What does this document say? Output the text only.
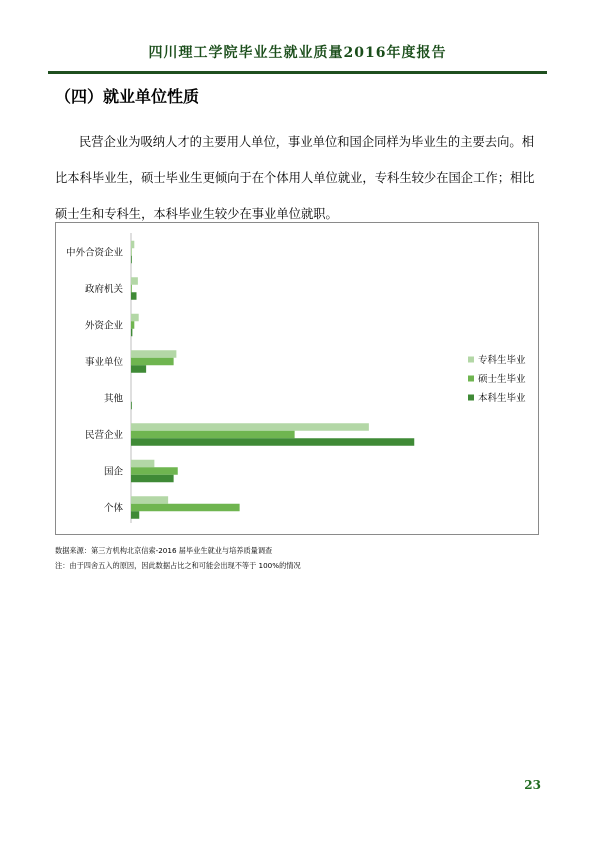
四川理工学院毕业生就业质量2016年度报告
（四）就业单位性质
民营企业为吸纳人才的主要用人单位，事业单位和国企同样为毕业生的主要去向。相比本科毕业生，硕士毕业生更倾向于在个体用人单位就业，专科生较少在国企工作；相比硕士生和专科生，本科毕业生较少在事业单位就职。
中外合资企业
政府机关
外资企业
事业单位
其他
民营企业
国企
个体
专科生毕业
硕士生毕业
本科生毕业
数据来源：第三方机构北京信索-2016 届毕业生就业与培养质量调查
注：由于四舍五入的原因，因此数据占比之和可能会出现不等于 100%的情况
23
